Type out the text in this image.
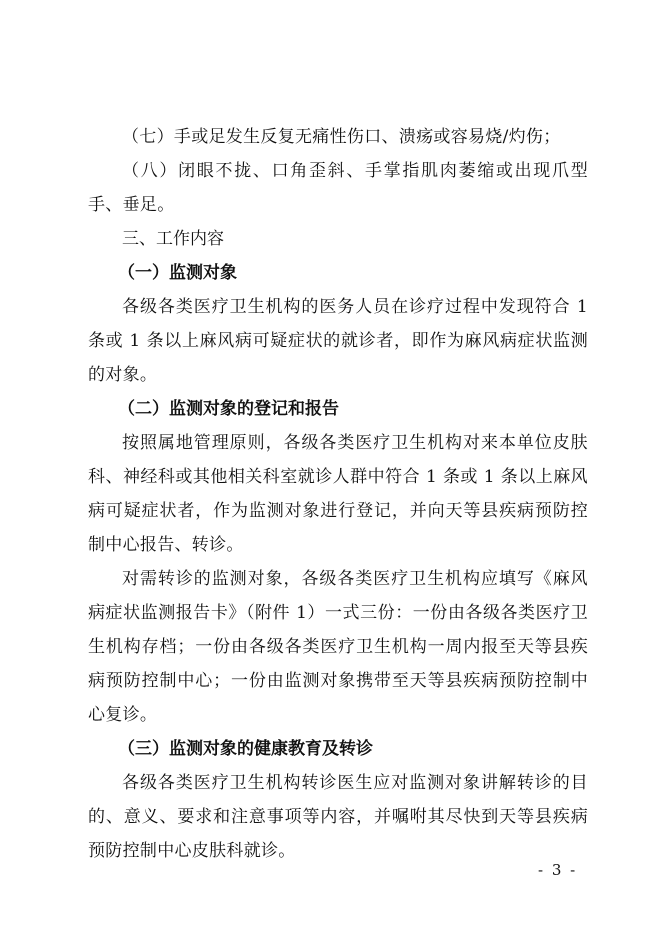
（七）手或足发生反复无痛性伤口、溃疡或容易烧/灼伤；

（八）闭眼不拢、口角歪斜、手掌指肌肉萎缩或出现爪型手、垂足。

三、工作内容

（一）监测对象

各级各类医疗卫生机构的医务人员在诊疗过程中发现符合 1 条或 1 条以上麻风病可疑症状的就诊者，即作为麻风病症状监测的对象。

（二）监测对象的登记和报告

按照属地管理原则，各级各类医疗卫生机构对来本单位皮肤科、神经科或其他相关科室就诊人群中符合 1 条或 1 条以上麻风病可疑症状者，作为监测对象进行登记，并向天等县疾病预防控制中心报告、转诊。

对需转诊的监测对象，各级各类医疗卫生机构应填写《麻风病症状监测报告卡》（附件 1）一式三份：一份由各级各类医疗卫生机构存档；一份由各级各类医疗卫生机构一周内报至天等县疾病预防控制中心；一份由监测对象携带至天等县疾病预防控制中心复诊。

（三）监测对象的健康教育及转诊

各级各类医疗卫生机构转诊医生应对监测对象讲解转诊的目的、意义、要求和注意事项等内容，并嘱咐其尽快到天等县疾病预防控制中心皮肤科就诊。

- 3 -
